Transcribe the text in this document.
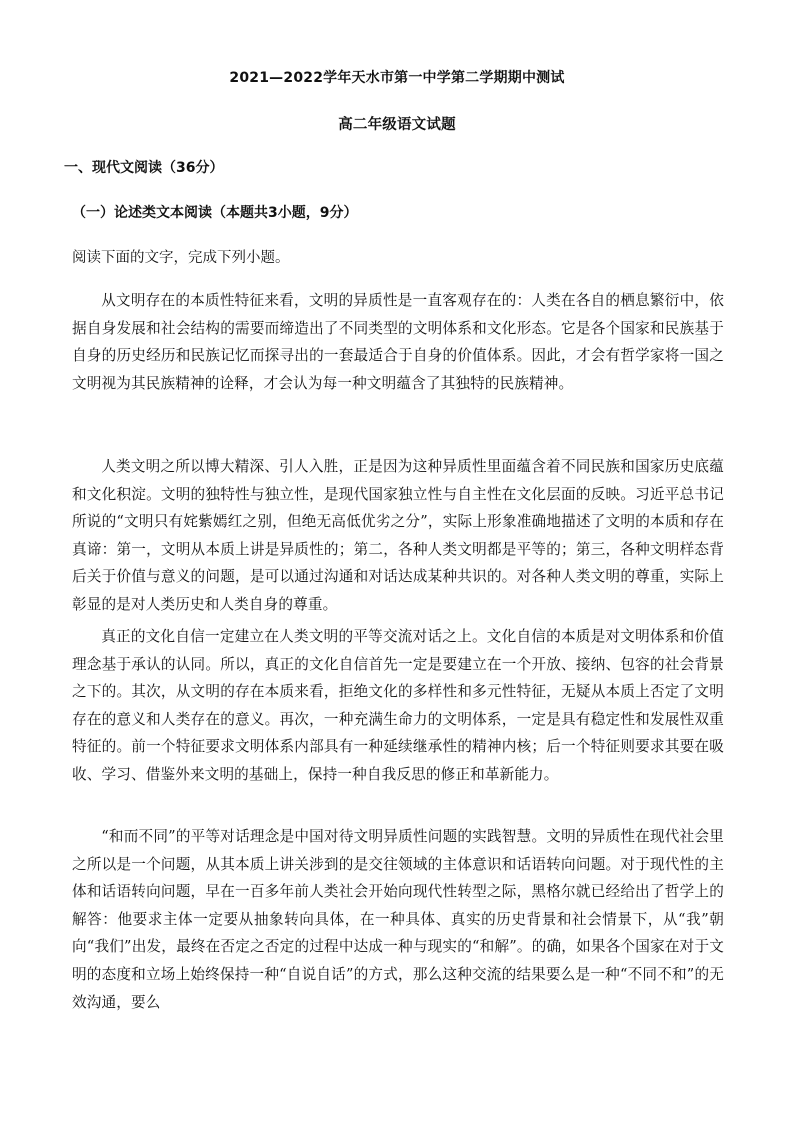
2021—2022学年天水市第一中学第二学期期中测试
高二年级语文试题
一、现代文阅读（36分）
（一）论述类文本阅读（本题共3小题，9分）
阅读下面的文字，完成下列小题。
从文明存在的本质性特征来看，文明的异质性是一直客观存在的：人类在各自的栖息繁衍中，依据自身发展和社会结构的需要而缔造出了不同类型的文明体系和文化形态。它是各个国家和民族基于自身的历史经历和民族记忆而探寻出的一套最适合于自身的价值体系。因此，才会有哲学家将一国之文明视为其民族精神的诠释，才会认为每一种文明蕴含了其独特的民族精神。
人类文明之所以博大精深、引人入胜，正是因为这种异质性里面蕴含着不同民族和国家历史底蕴和文化积淀。文明的独特性与独立性，是现代国家独立性与自主性在文化层面的反映。习近平总书记所说的“文明只有姹紫嫣红之别，但绝无高低优劣之分”，实际上形象准确地描述了文明的本质和存在真谛：第一，文明从本质上讲是异质性的；第二，各种人类文明都是平等的；第三，各种文明样态背后关于价值与意义的问题，是可以通过沟通和对话达成某种共识的。对各种人类文明的尊重，实际上彰显的是对人类历史和人类自身的尊重。
真正的文化自信一定建立在人类文明的平等交流对话之上。文化自信的本质是对文明体系和价值理念基于承认的认同。所以，真正的文化自信首先一定是要建立在一个开放、接纳、包容的社会背景之下的。其次，从文明的存在本质来看，拒绝文化的多样性和多元性特征，无疑从本质上否定了文明存在的意义和人类存在的意义。再次，一种充满生命力的文明体系，一定是具有稳定性和发展性双重特征的。前一个特征要求文明体系内部具有一种延续继承性的精神内核；后一个特征则要求其要在吸收、学习、借鉴外来文明的基础上，保持一种自我反思的修正和革新能力。
“和而不同”的平等对话理念是中国对待文明异质性问题的实践智慧。文明的异质性在现代社会里之所以是一个问题，从其本质上讲关涉到的是交往领域的主体意识和话语转向问题。对于现代性的主体和话语转向问题，早在一百多年前人类社会开始向现代性转型之际，黑格尔就已经给出了哲学上的解答：他要求主体一定要从抽象转向具体，在一种具体、真实的历史背景和社会情景下，从“我”朝向“我们”出发，最终在否定之否定的过程中达成一种与现实的“和解”。的确，如果各个国家在对于文明的态度和立场上始终保持一种“自说自话”的方式，那么这种交流的结果要么是一种“不同不和”的无效沟通，要么
